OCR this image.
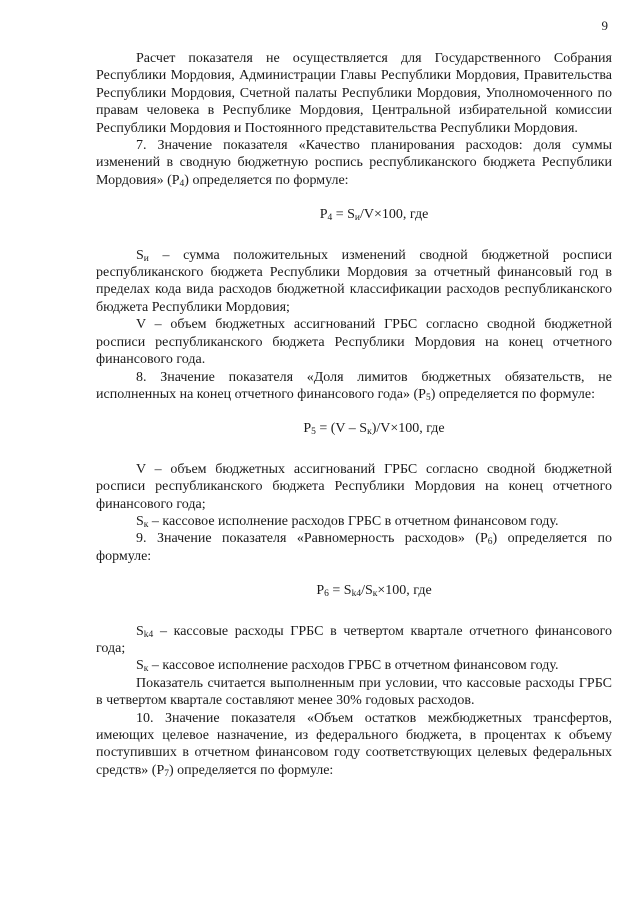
9

Расчет показателя не осуществляется для Государственного Собрания Республики Мордовия, Администрации Главы Республики Мордовия, Правительства Республики Мордовия, Счетной палаты Республики Мордовия, Уполномоченного по правам человека в Республике Мордовия, Центральной избирательной комиссии Республики Мордовия и Постоянного представительства Республики Мордовия.

7. Значение показателя «Качество планирования расходов: доля суммы изменений в сводную бюджетную роспись республиканского бюджета Республики Мордовия» $(P_4)$ определяется по формуле:

$P_4 = S_и/V\times 100$, где

$S_и$ – сумма положительных изменений сводной бюджетной росписи республиканского бюджета Республики Мордовия за отчетный финансовый год в пределах кода вида расходов бюджетной классификации расходов республиканского бюджета Республики Мордовия;

V – объем бюджетных ассигнований ГРБС согласно сводной бюджетной росписи республиканского бюджета Республики Мордовия на конец отчетного финансового года.

8. Значение показателя «Доля лимитов бюджетных обязательств, не исполненных на конец отчетного финансового года» $(P_5)$ определяется по формуле:

$P_5 = (V - S_к)/V\times 100$, где

V – объем бюджетных ассигнований ГРБС согласно сводной бюджетной росписи республиканского бюджета Республики Мордовия на конец отчетного финансового года;

$S_к$ – кассовое исполнение расходов ГРБС в отчетном финансовом году.

9. Значение показателя «Равномерность расходов» $(P_6)$ определяется по формуле:

$P_6 = S_{k4}/S_к\times 100$, где

$S_{k4}$ – кассовые расходы ГРБС в четвертом квартале отчетного финансового года;

$S_к$ – кассовое исполнение расходов ГРБС в отчетном финансовом году.

Показатель считается выполненным при условии, что кассовые расходы ГРБС в четвертом квартале составляют менее 30% годовых расходов.

10. Значение показателя «Объем остатков межбюджетных трансфертов, имеющих целевое назначение, из федерального бюджета, в процентах к объему поступивших в отчетном финансовом году соответствующих целевых федеральных средств» $(P_7)$ определяется по формуле:
